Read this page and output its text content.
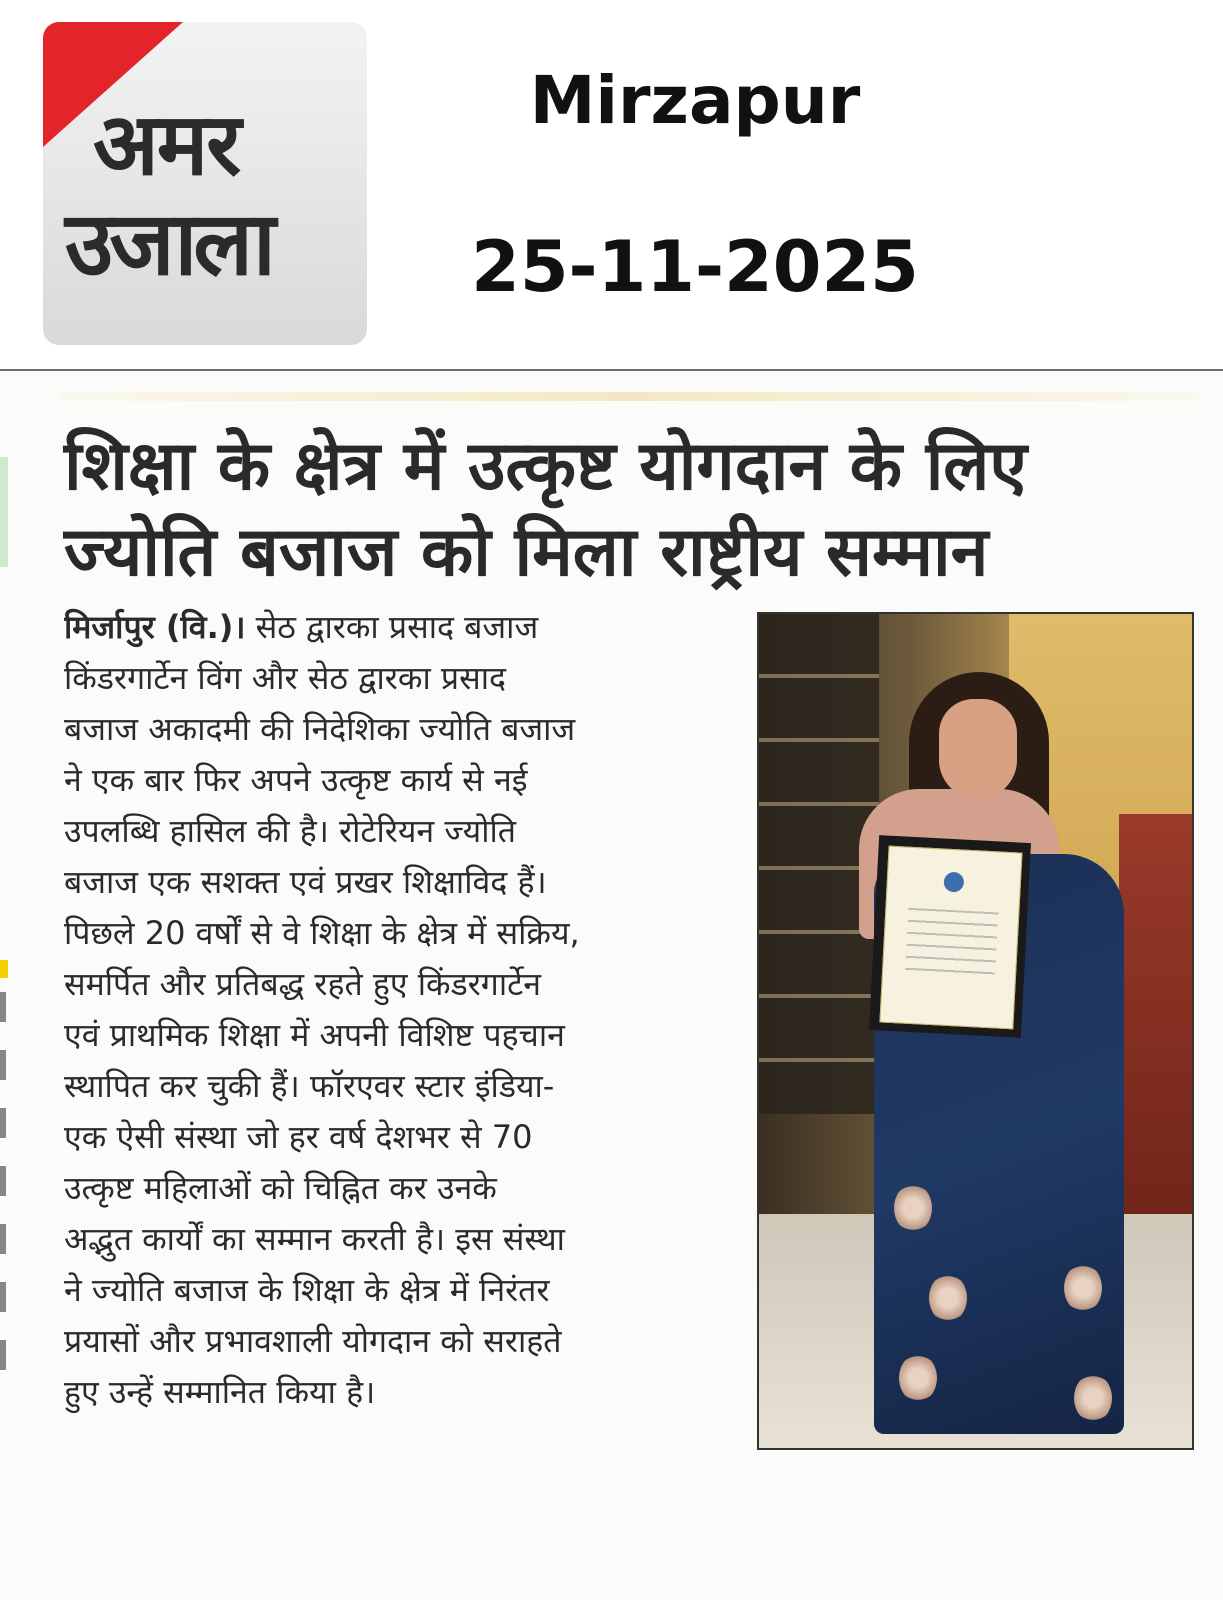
अमर
उजाला
Mirzapur
25-11-2025
शिक्षा के क्षेत्र में उत्कृष्ट योगदान के लिए
ज्योति बजाज को मिला राष्ट्रीय सम्मान
मिर्जापुर (वि.)। सेठ द्वारका प्रसाद बजाज
किंडरगार्टेन विंग और सेठ द्वारका प्रसाद
बजाज अकादमी की निदेशिका ज्योति बजाज
ने एक बार फिर अपने उत्कृष्ट कार्य से नई
उपलब्धि हासिल की है। रोटेरियन ज्योति
बजाज एक सशक्त एवं प्रखर शिक्षाविद हैं।
पिछले 20 वर्षों से वे शिक्षा के क्षेत्र में सक्रिय,
समर्पित और प्रतिबद्ध रहते हुए किंडरगार्टेन
एवं प्राथमिक शिक्षा में अपनी विशिष्ट पहचान
स्थापित कर चुकी हैं। फॉरएवर स्टार इंडिया-
एक ऐसी संस्था जो हर वर्ष देशभर से 70
उत्कृष्ट महिलाओं को चिह्नित कर उनके
अद्भुत कार्यों का सम्मान करती है। इस संस्था
ने ज्योति बजाज के शिक्षा के क्षेत्र में निरंतर
प्रयासों और प्रभावशाली योगदान को सराहते
हुए उन्हें सम्मानित किया है।
